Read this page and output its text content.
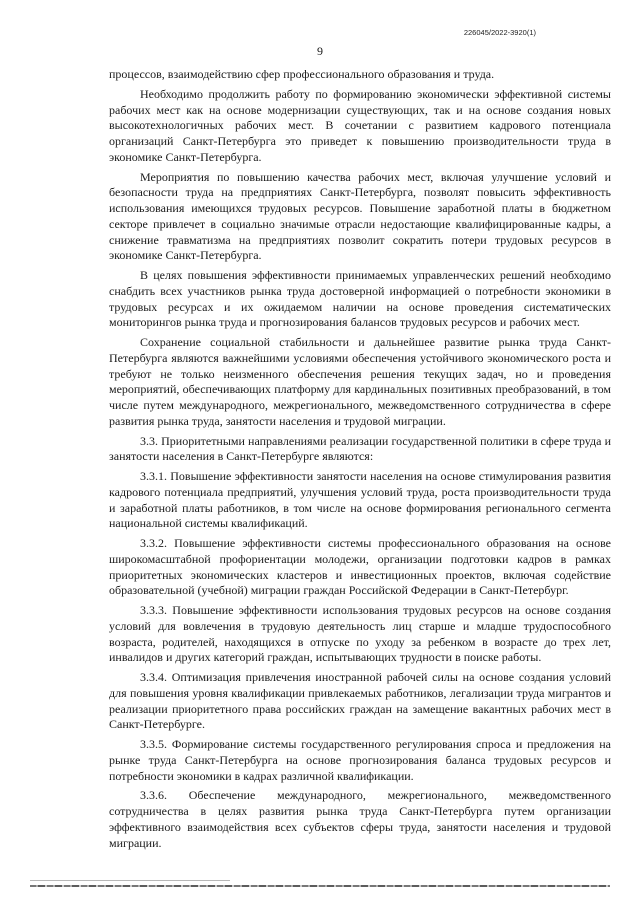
226045/2022-3920(1)
9

процессов, взаимодействию сфер профессионального образования и труда.

Необходимо продолжить работу по формированию экономически эффективной системы рабочих мест как на основе модернизации существующих, так и на основе создания новых высокотехнологичных рабочих мест. В сочетании с развитием кадрового потенциала организаций Санкт-Петербурга это приведет к повышению производительности труда в экономике Санкт-Петербурга.

Мероприятия по повышению качества рабочих мест, включая улучшение условий и безопасности труда на предприятиях Санкт-Петербурга, позволят повысить эффективность использования имеющихся трудовых ресурсов. Повышение заработной платы в бюджетном секторе привлечет в социально значимые отрасли недостающие квалифицированные кадры, а снижение травматизма на предприятиях позволит сократить потери трудовых ресурсов в экономике Санкт-Петербурга.

В целях повышения эффективности принимаемых управленческих решений необходимо снабдить всех участников рынка труда достоверной информацией о потребности экономики в трудовых ресурсах и их ожидаемом наличии на основе проведения систематических мониторингов рынка труда и прогнозирования балансов трудовых ресурсов и рабочих мест.

Сохранение социальной стабильности и дальнейшее развитие рынка труда Санкт-Петербурга являются важнейшими условиями обеспечения устойчивого экономического роста и требуют не только неизменного обеспечения решения текущих задач, но и проведения мероприятий, обеспечивающих платформу для кардинальных позитивных преобразований, в том числе путем международного, межрегионального, межведомственного сотрудничества в сфере развития рынка труда, занятости населения и трудовой миграции.

3.3. Приоритетными направлениями реализации государственной политики в сфере труда и занятости населения в Санкт-Петербурге являются:

3.3.1. Повышение эффективности занятости населения на основе стимулирования развития кадрового потенциала предприятий, улучшения условий труда, роста производительности труда и заработной платы работников, в том числе на основе формирования регионального сегмента национальной системы квалификаций.

3.3.2. Повышение эффективности системы профессионального образования на основе широкомасштабной профориентации молодежи, организации подготовки кадров в рамках приоритетных экономических кластеров и инвестиционных проектов, включая содействие образовательной (учебной) миграции граждан Российской Федерации в Санкт-Петербург.

3.3.3. Повышение эффективности использования трудовых ресурсов на основе создания условий для вовлечения в трудовую деятельность лиц старше и младше трудоспособного возраста, родителей, находящихся в отпуске по уходу за ребенком в возрасте до трех лет, инвалидов и других категорий граждан, испытывающих трудности в поиске работы.

3.3.4. Оптимизация привлечения иностранной рабочей силы на основе создания условий для повышения уровня квалификации привлекаемых работников, легализации труда мигрантов и реализации приоритетного права российских граждан на замещение вакантных рабочих мест в Санкт-Петербурге.

3.3.5. Формирование системы государственного регулирования спроса и предложения на рынке труда Санкт-Петербурга на основе прогнозирования баланса трудовых ресурсов и потребности экономики в кадрах различной квалификации.

3.3.6. Обеспечение международного, межрегионального, межведомственного сотрудничества в целях развития рынка труда Санкт-Петербурга путем организации эффективного взаимодействия всех субъектов сферы труда, занятости населения и трудовой миграции.
